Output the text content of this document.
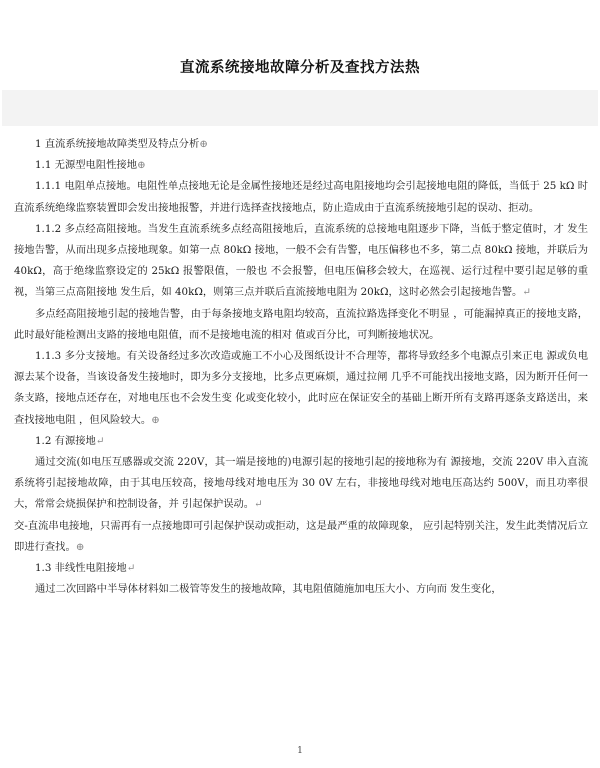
直流系统接地故障分析及查找方法热

1 直流系统接地故障类型及特点分析⊕

1.1 无源型电阻性接地⊕

1.1.1 电阻单点接地。电阻性单点接地无论是金属性接地还是经过高电阻接地均会引起接地电阻的降低，当低于 25 kΩ 时直流系统绝缘监察装置即会发出接地报警，并进行选择查找接地点，防止造成由于直流系统接地引起的误动、拒动。

1.1.2 多点经高阻接地。当发生直流系统多点经高阻接地后，直流系统的总接地电阻逐步下降，当低于整定值时，才 发生接地告警，从而出现多点接地现象。如第一点 80kΩ 接地，一般不会有告警，电压偏移也不多，第二点 80kΩ 接地，并联后为 40kΩ，高于绝缘监察设定的 25kΩ 报警限值，一般也 不会报警，但电压偏移会较大，在巡视、运行过程中要引起足够的重视，当第三点高阻接地 发生后，如 40kΩ，则第三点并联后直流接地电阻为 20kΩ，这时必然会引起接地告警。↵

多点经高阻接地引起的接地告警，由于每条接地支路电阻均较高，直流拉路选择变化不明显 ，可能漏掉真正的接地支路，此时最好能检测出支路的接地电阻值，而不是接地电流的相对 值或百分比，可判断接地状况。

1.1.3 多分支接地。有关设备经过多次改造或施工不小心及图纸设计不合理等，都将导致经多个电源点引来正电 源或负电源去某个设备，当该设备发生接地时，即为多分支接地，比多点更麻烦，通过拉闸 几乎不可能找出接地支路，因为断开任何一条支路，接地点还存在，对地电压也不会发生变 化或变化较小，此时应在保证安全的基础上断开所有支路再逐条支路送出，来查找接地电阻 ，但风险较大。⊕

1.2 有源接地↵

通过交流(如电压互感器或交流 220V，其一端是接地的)电源引起的接地引起的接地称为有 源接地，交流 220V 串入直流系统将引起接地故障，由于其电压较高，接地母线对地电压为 30 0V 左右，非接地母线对地电压高达约 500V，而且功率很大，常常会烧损保护和控制设备，并 引起保护误动。↵

交-直流串电接地，只需再有一点接地即可引起保护误动或拒动，这是最严重的故障现象， 应引起特别关注，发生此类情况后立即进行查找。⊕

1.3 非线性电阻接地↵

通过二次回路中半导体材料如二极管等发生的接地故障，其电阻值随施加电压大小、方向而 发生变化，

1
